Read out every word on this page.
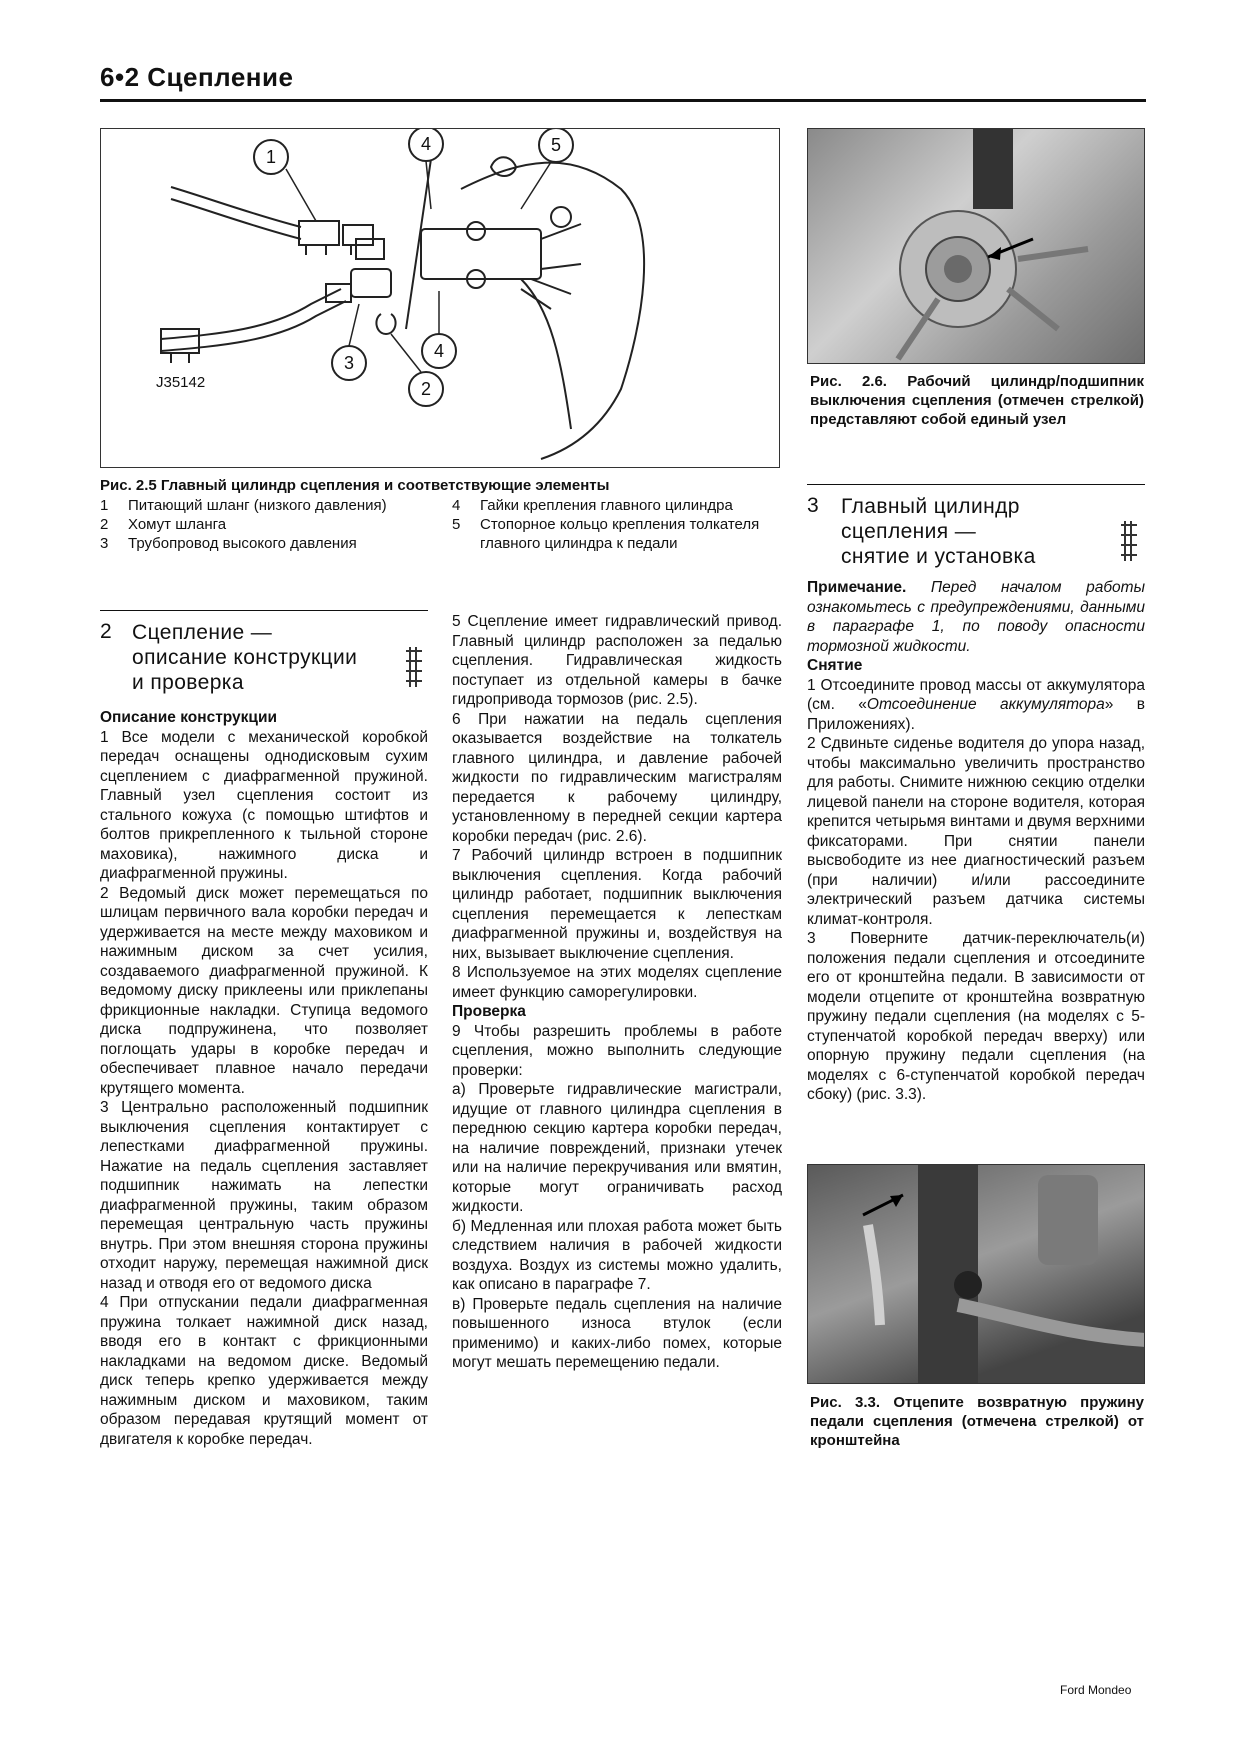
6•2 Сцепление
1
2
3
4
4
5
J35142	Рис. 2.6. Рабочий цилиндр/подшипник выключения сцепления (отмечен стрелкой) представляют собой единый узел
Рис. 2.5 Главный цилиндр сцепления и соответствующие элементы
1	Питающий шланг (низкого давления)
2	Хомут шланга
3	Трубопровод высокого давления
4	Гайки крепления главного цилиндра
5	Стопорное кольцо крепления толкателя главного цилиндра к педали
3 Главный цилиндр
сцепления —
снятие и установка
2 Сцепление —
описание конструкции
и проверка

Описание конструкции

1 Все модели с механической коробкой передач оснащены однодисковым сухим сцеплением с диафрагменной пружиной. Главный узел сцепления состоит из стального кожуха (с помощью штифтов и болтов прикрепленного к тыльной стороне маховика), нажимного диска и диафрагменной пружины.

2 Ведомый диск может перемещаться по шлицам первичного вала коробки передач и удерживается на месте между маховиком и нажимным диском за счет усилия, создаваемого диафрагменной пружиной. К ведомому диску приклеены или приклепаны фрикционные накладки. Ступица ведомого диска подпружинена, что позволяет поглощать удары в коробке передач и обеспечивает плавное начало передачи крутящего момента.

3 Центрально расположенный подшипник выключения сцепления контактирует с лепестками диафрагменной пружины. Нажатие на педаль сцепления заставляет подшипник нажимать на лепестки диафрагменной пружины, таким образом перемещая центральную часть пружины внутрь. При этом внешняя сторона пружины отходит наружу, перемещая нажимной диск назад и отводя его от ведомого диска

4 При отпускании педали диафрагменная пружина толкает нажимной диск назад, вводя его в контакт с фрикционными накладками на ведомом диске. Ведомый диск теперь крепко удерживается между нажимным диском и маховиком, таким образом передавая крутящий момент от двигателя к коробке передач.

5 Сцепление имеет гидравлический привод. Главный цилиндр расположен за педалью сцепления. Гидравлическая жидкость поступает из отдельной камеры в бачке гидропривода тормозов (рис. 2.5).

6 При нажатии на педаль сцепления оказывается воздействие на толкатель главного цилиндра, и давление рабочей жидкости по гидравлическим магистралям передается к рабочему цилиндру, установленному в передней секции картера коробки передач (рис. 2.6).

7 Рабочий цилиндр встроен в подшипник выключения сцепления. Когда рабочий цилиндр работает, подшипник выключения сцепления перемещается к лепесткам диафрагменной пружины и, воздействуя на них, вызывает выключение сцепления.

8 Используемое на этих моделях сцепление имеет функцию саморегулировки.

Проверка

9 Чтобы разрешить проблемы в работе сцепления, можно выполнить следующие проверки:

а) Проверьте гидравлические магистрали, идущие от главного цилиндра сцепления в переднюю секцию картера коробки передач, на наличие повреждений, признаки утечек или на наличие перекручивания или вмятин, которые могут ограничивать расход жидкости.

б) Медленная или плохая работа может быть следствием наличия в рабочей жидкости воздуха. Воздух из системы можно удалить, как описано в параграфе 7.

в) Проверьте педаль сцепления на наличие повышенного износа втулок (если применимо) и каких-либо помех, которые могут мешать перемещению педали.

Примечание. Перед началом работы ознакомьтесь с предупреждениями, данными в параграфе 1, по поводу опасности тормозной жидкости.

Снятие

1 Отсоедините провод массы от аккумулятора (см. «Отсоединение аккумулятора» в Приложениях).

2 Сдвиньте сиденье водителя до упора назад, чтобы максимально увеличить пространство для работы. Снимите нижнюю секцию отделки лицевой панели на стороне водителя, которая крепится четырьмя винтами и двумя верхними фиксаторами. При снятии панели высвободите из нее диагностический разъем (при наличии) и/или рассоедините электрический разъем датчика системы климат-контроля.

3 Поверните датчик-переключатель(и) положения педали сцепления и отсоедините его от кронштейна педали. В зависимости от модели отцепите от кронштейна возвратную пружину педали сцепления (на моделях с 5-ступенчатой коробкой передач вверху) или опорную пружину педали сцепления (на моделях с 6-ступенчатой коробкой передач сбоку) (рис. 3.3).

Рис. 3.3. Отцепите возвратную пружину педали сцепления (отмечена стрелкой) от кронштейна
Ford Mondeo
